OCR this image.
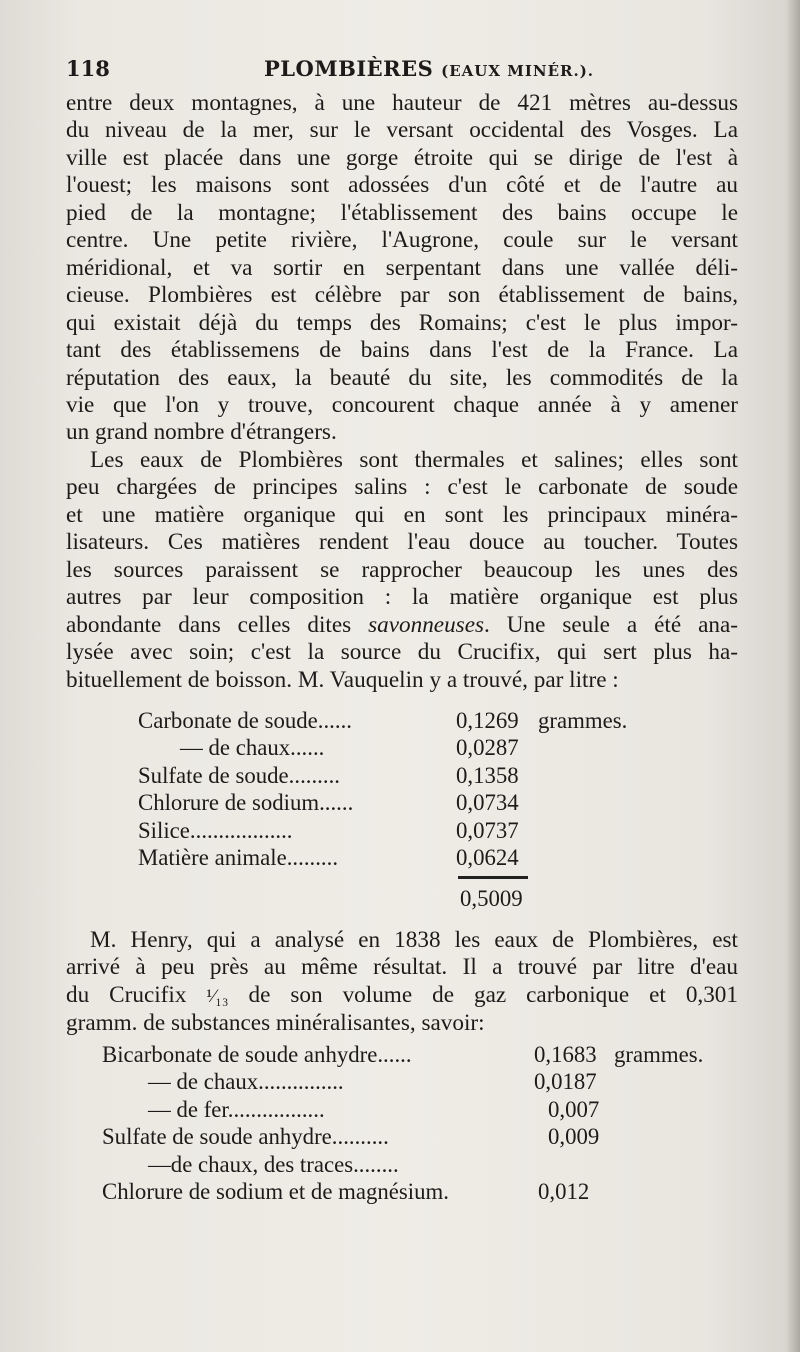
118	PLOMBIÈRES (EAUX MINÉR.).
entre deux montagnes, à une hauteur de 421 mètres au-dessus
du niveau de la mer, sur le versant occidental des Vosges. La
ville est placée dans une gorge étroite qui se dirige de l'est à
l'ouest; les maisons sont adossées d'un côté et de l'autre au
pied de la montagne; l'établissement des bains occupe le
centre. Une petite rivière, l'Augrone, coule sur le versant
méridional, et va sortir en serpentant dans une vallée déli-
cieuse. Plombières est célèbre par son établissement de bains,
qui existait déjà du temps des Romains; c'est le plus impor-
tant des établissemens de bains dans l'est de la France. La
réputation des eaux, la beauté du site, les commodités de la
vie que l'on y trouve, concourent chaque année à y amener
un grand nombre d'étrangers.
Les eaux de Plombières sont thermales et salines; elles sont
peu chargées de principes salins : c'est le carbonate de soude
et une matière organique qui en sont les principaux minéra-
lisateurs. Ces matières rendent l'eau douce au toucher. Toutes
les sources paraissent se rapprocher beaucoup les unes des
autres par leur composition : la matière organique est plus
abondante dans celles dites savonneuses. Une seule a été ana-
lysée avec soin; c'est la source du Crucifix, qui sert plus ha-
bituellement de boisson. M. Vauquelin y a trouvé, par litre :
Carbonate de soude......	0,1269 grammes.
— de chaux......	0,0287
Sulfate de soude.........	0,1358
Chlorure de sodium......	0,0734
Silice..................	0,0737
Matière animale.........	0,0624
0,5009
M. Henry, qui a analysé en 1838 les eaux de Plombières, est
arrivé à peu près au même résultat. Il a trouvé par litre d'eau
du Crucifix ¹⁄₁₃ de son volume de gaz carbonique et 0,301
gramm. de substances minéralisantes, savoir:
Bicarbonate de soude anhydre......	0,1683 grammes.
— de chaux...............	0,0187
— de fer.................	0,007
Sulfate de soude anhydre..........	0,009
—de chaux, des traces........
Chlorure de sodium et de magnésium.	0,012
